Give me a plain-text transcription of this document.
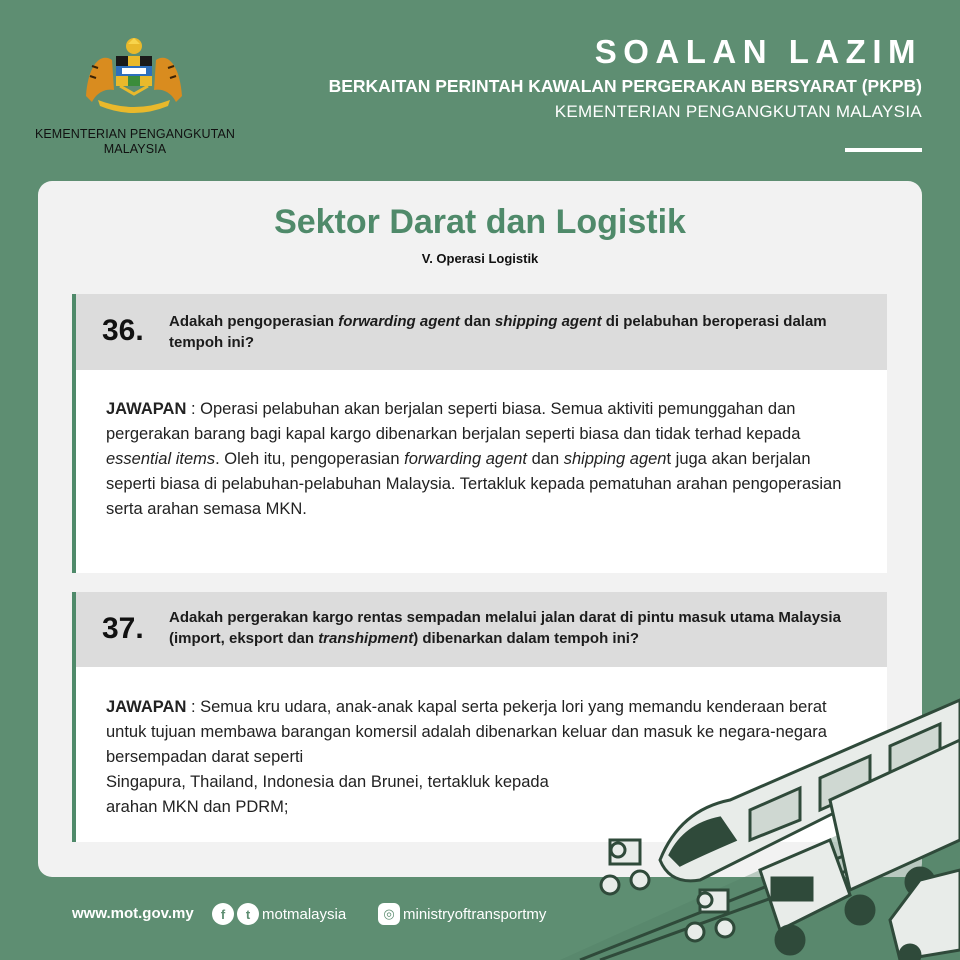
KEMENTERIAN PENGANGKUTAN
MALAYSIA
SOALAN LAZIM
BERKAITAN PERINTAH KAWALAN PERGERAKAN BERSYARAT (PKPB)
KEMENTERIAN PENGANGKUTAN MALAYSIA
Sektor Darat dan Logistik
V. Operasi Logistik
36. Adakah pengoperasian forwarding agent dan shipping agent di pelabuhan beroperasi dalam tempoh ini?
JAWAPAN : Operasi pelabuhan akan berjalan seperti biasa. Semua aktiviti pemunggahan dan pergerakan barang bagi kapal kargo dibenarkan berjalan seperti biasa dan tidak terhad kepada essential items. Oleh itu, pengoperasian forwarding agent dan shipping agent juga akan berjalan seperti biasa di pelabuhan-pelabuhan Malaysia. Tertakluk kepada pematuhan arahan pengoperasian serta arahan semasa MKN.
37. Adakah pergerakan kargo rentas sempadan melalui jalan darat di pintu masuk utama Malaysia (import, eksport dan transhipment) dibenarkan dalam tempoh ini?
JAWAPAN : Semua kru udara, anak-anak kapal serta pekerja lori yang memandu kenderaan berat untuk tujuan membawa barangan komersil adalah dibenarkan keluar dan masuk ke negara-negara bersempadan darat seperti
Singapura, Thailand, Indonesia dan Brunei, tertakluk kepada
arahan MKN dan PDRM;
www.mot.gov.my	f	t motmalaysia	◎ ministryoftransportmy
